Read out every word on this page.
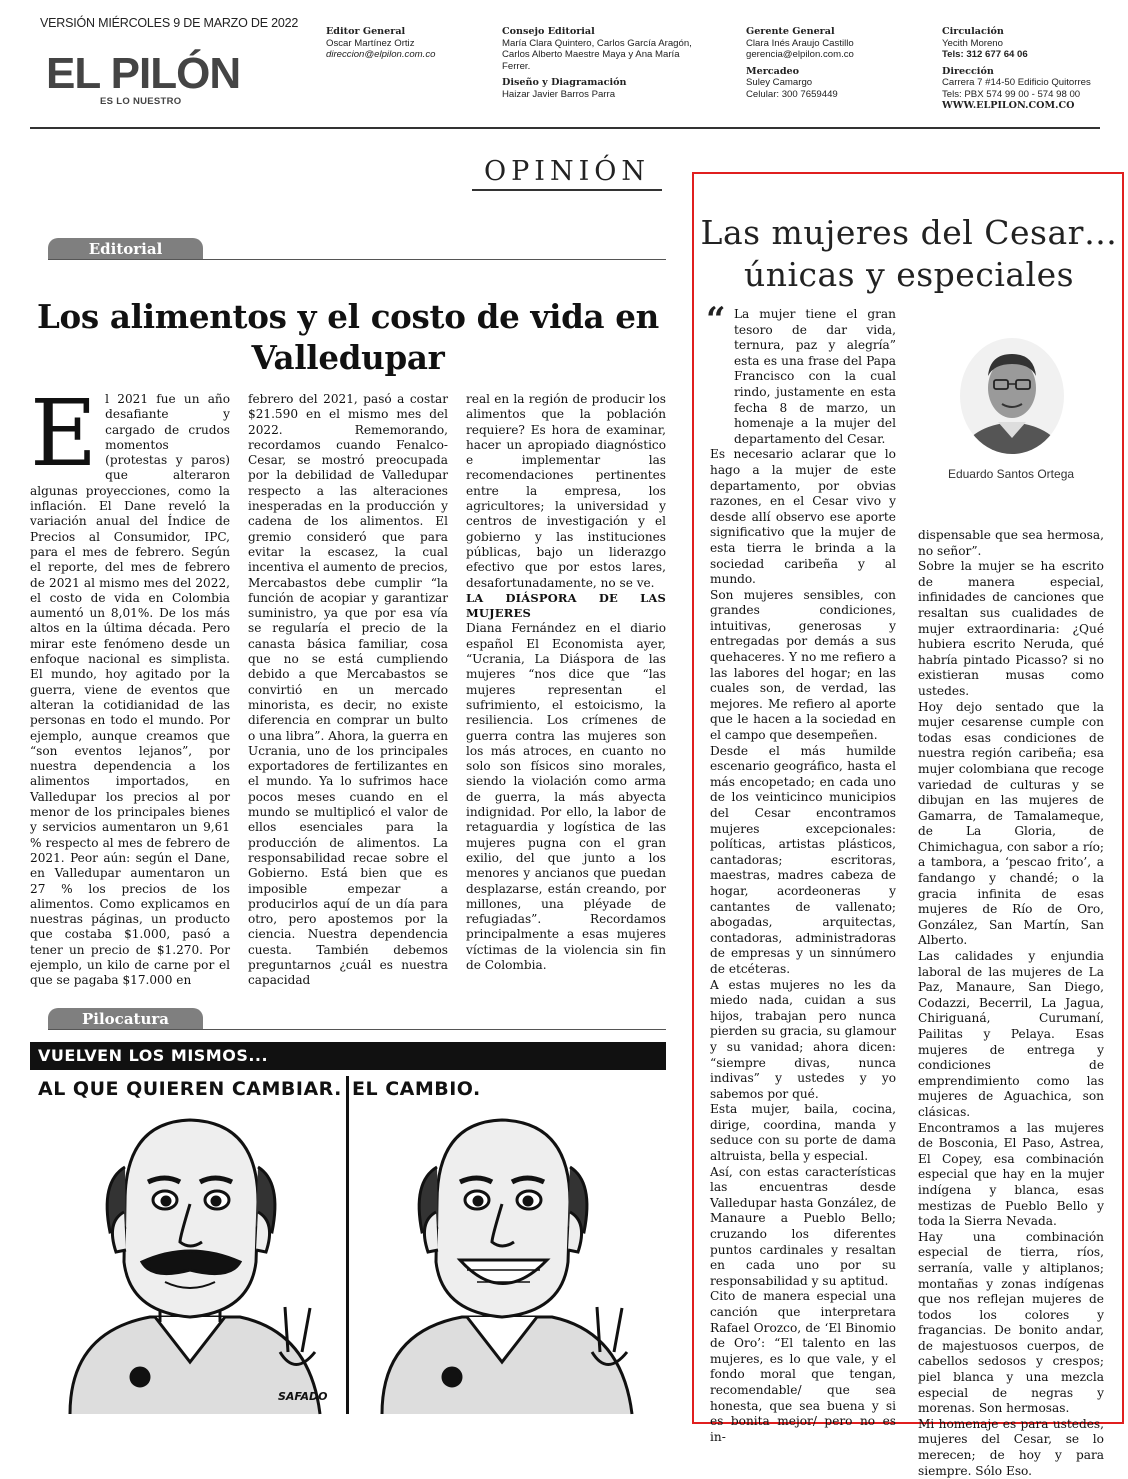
VERSIÓN MIÉRCOLES 9 DE MARZO DE 2022
EL PILÓN
ES LO NUESTRO
Editor General
Oscar Martínez Ortiz
direccion@elpilon.com.co
Consejo Editorial
María Clara Quintero, Carlos García Aragón,
Carlos Alberto Maestre Maya y Ana María
Ferrer.
Diseño y Diagramación
Haizar Javier Barros Parra
Gerente General
Clara Inés Araujo Castillo
gerencia@elpilon.com.co
Mercadeo
Suley Camargo
Celular: 300 7659449
Circulación
Yecith Moreno
Tels: 312 677 64 06
Dirección
Carrera 7 #14-50 Edificio Quitorres
Tels: PBX 574 99 00 - 574 98 00
WWW.ELPILON.COM.CO
OPINIÓN
Editorial
Los alimentos y el costo de vida en Valledupar
E l 2021 fue un año desafiante y cargado de crudos momentos (protestas y paros) que alteraron algunas proyecciones, como la inflación. El Dane reveló la variación anual del Índice de Precios al Consumidor, IPC, para el mes de febrero. Según el reporte, del mes de febrero de 2021 al mismo mes del 2022, el costo de vida en Colombia aumentó un 8,01%. De los más altos en la última década. Pero mirar este fenómeno desde un enfoque nacional es simplista. El mundo, hoy agitado por la guerra, viene de eventos que alteran la cotidianidad de las personas en todo el mundo. Por ejemplo, aunque creamos que “son eventos lejanos”, por nuestra dependencia a los alimentos importados, en Valledupar los precios al por menor de los principales bienes y servicios aumentaron un 9,61 % respecto al mes de febrero de 2021. Peor aún: según el Dane, en Valledupar aumentaron un 27 % los precios de los alimentos. Como explicamos en nuestras páginas, un producto que costaba $1.000, pasó a tener un precio de $1.270. Por ejemplo, un kilo de carne por el que se pagaba $17.000 en
febrero del 2021, pasó a costar $21.590 en el mismo mes del 2022. Rememorando, recordamos cuando Fenalco- Cesar, se mostró preocupada por la debilidad de Valledupar respecto a las alteraciones inesperadas en la producción y cadena de los alimentos. El gremio consideró que para evitar la escasez, la cual incentiva el aumento de precios, Mercabastos debe cumplir “la función de acopiar y garantizar suministro, ya que por esa vía se regularía el precio de la canasta básica familiar, cosa que no se está cumpliendo debido a que Mercabastos se convirtió en un mercado minorista, es decir, no existe diferencia en comprar un bulto o una libra”. Ahora, la guerra en Ucrania, uno de los principales exportadores de fertilizantes en el mundo. Ya lo sufrimos hace pocos meses cuando en el mundo se multiplicó el valor de ellos esenciales para la producción de alimentos. La responsabilidad recae sobre el Gobierno. Está bien que es imposible empezar a producirlos aquí de un día para otro, pero apostemos por la ciencia. Nuestra dependencia cuesta. También debemos preguntarnos ¿cuál es nuestra capacidad

real en la región de producir los alimentos que la población requiere? Es hora de examinar, hacer un apropiado diagnóstico e implementar las recomendaciones pertinentes entre la empresa, los agricultores; la universidad y centros de investigación y el gobierno y las instituciones públicas, bajo un liderazgo efectivo que por estos lares, desafortunadamente, no se ve.

LA DIÁSPORA DE LAS MUJERES

Diana Fernández en el diario español El Economista ayer, “Ucrania, La Diáspora de las mujeres “nos dice que “las mujeres representan el sufrimiento, el estoicismo, la resiliencia. Los crímenes de guerra contra las mujeres son los más atroces, en cuanto no solo son físicos sino morales, siendo la violación como arma de guerra, la más abyecta indignidad. Por ello, la labor de retaguardia y logística de las mujeres pugna con el gran exilio, del que junto a los menores y ancianos que puedan desplazarse, están creando, por millones, una pléyade de refugiadas”. Recordamos principalmente a esas mujeres víctimas de la violencia sin fin de Colombia.

Pilocatura
VUELVEN LOS MISMOS...
AL QUE QUIEREN CAMBIAR. EL CAMBIO.
SAFADO
Las mujeres del Cesar…
únicas y especiales
“
Eduardo Santos Ortega

La mujer tiene el gran tesoro de dar vida, ternura, paz y alegría” esta es una frase del Papa Francisco con la cual rindo, justamente en esta fecha 8 de marzo, un homenaje a la mujer del departamento del Cesar.

Es necesario aclarar que lo hago a la mujer de este departamento, por obvias razones, en el Cesar vivo y desde allí observo ese aporte significativo que la mujer de esta tierra le brinda a la sociedad caribeña y al mundo.

Son mujeres sensibles, con grandes condiciones, intuitivas, generosas y entregadas por demás a sus quehaceres. Y no me refiero a las labores del hogar; en las cuales son, de verdad, las mejores. Me refiero al aporte que le hacen a la sociedad en el campo que desempeñen.

Desde el más humilde escenario geográfico, hasta el más encopetado; en cada uno de los veinticinco municipios del Cesar encontramos mujeres excepcionales: políticas, artistas plásticos, cantadoras; escritoras, maestras, madres cabeza de hogar, acordeoneras y cantantes de vallenato; abogadas, arquitectas, contadoras, administradoras de empresas y un sinnúmero de etcéteras.

A estas mujeres no les da miedo nada, cuidan a sus hijos, trabajan pero nunca pierden su gracia, su glamour y su vanidad; ahora dicen: “siempre divas, nunca indivas” y ustedes y yo sabemos por qué.

Esta mujer, baila, cocina, dirige, coordina, manda y seduce con su porte de dama altruista, bella y especial.

Así, con estas características las encuentras desde Valledupar hasta González, de Manaure a Pueblo Bello; cruzando los diferentes puntos cardinales y resaltan en cada uno por su responsabilidad y su aptitud.

Cito de manera especial una canción que interpretara Rafael Orozco, de ‘El Binomio de Oro’: “El talento en las mujeres, es lo que vale, y el fondo moral que tengan, recomendable/ que sea honesta, que sea buena y si es bonita mejor/ pero no es in-

dispensable que sea hermosa, no señor”.

Sobre la mujer se ha escrito de manera especial, infinidades de canciones que resaltan sus cualidades de mujer extraordinaria: ¿Qué hubiera escrito Neruda, qué habría pintado Picasso? si no existieran musas como ustedes.

Hoy dejo sentado que la mujer cesarense cumple con todas esas condiciones de nuestra región caribeña; esa mujer colombiana que recoge variedad de culturas y se dibujan en las mujeres de Gamarra, de Tamalameque, de La Gloria, de Chimichagua, con sabor a río; a tambora, a ‘pescao frito’, a fandango y chandé; o la gracia infinita de esas mujeres de Río de Oro, González, San Martín, San Alberto.

Las calidades y enjundia laboral de las mujeres de La Paz, Manaure, San Diego, Codazzi, Becerril, La Jagua, Chiriguaná, Curumaní, Pailitas y Pelaya. Esas mujeres de entrega y condiciones de emprendimiento como las mujeres de Aguachica, son clásicas.

Encontramos a las mujeres de Bosconia, El Paso, Astrea, El Copey, esa combinación especial que hay en la mujer indígena y blanca, esas mestizas de Pueblo Bello y toda la Sierra Nevada.

Hay una combinación especial de tierra, ríos, serranía, valle y altiplanos; montañas y zonas indígenas que nos reflejan mujeres de todos los colores y fragancias. De bonito andar, de majestuosos cuerpos, de cabellos sedosos y crespos; piel blanca y una mezcla especial de negras y morenas. Son hermosas.

Mi homenaje es para ustedes, mujeres del Cesar, se lo merecen; de hoy y para siempre. Sólo Eso.
